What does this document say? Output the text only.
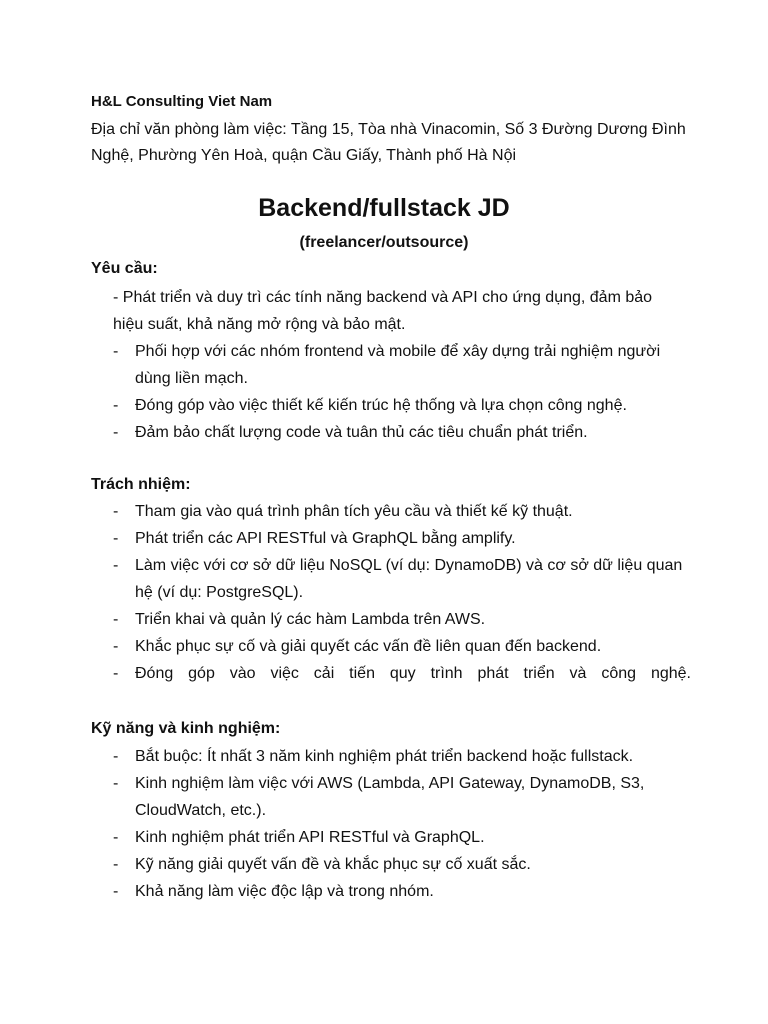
H&L Consulting Viet Nam
Địa chỉ văn phòng làm việc: Tầng 15, Tòa nhà Vinacomin, Số 3 Đường Dương Đình Nghệ, Phường Yên Hoà, quận Cầu Giấy, Thành phố Hà Nội
Backend/fullstack JD
(freelancer/outsource)
Yêu cầu:
- Phát triển và duy trì các tính năng backend và API cho ứng dụng, đảm bảo hiệu suất, khả năng mở rộng và bảo mật.
- Phối hợp với các nhóm frontend và mobile để xây dựng trải nghiệm người dùng liền mạch.
- Đóng góp vào việc thiết kế kiến trúc hệ thống và lựa chọn công nghệ.
- Đảm bảo chất lượng code và tuân thủ các tiêu chuẩn phát triển.
Trách nhiệm:
- Tham gia vào quá trình phân tích yêu cầu và thiết kế kỹ thuật.
- Phát triển các API RESTful và GraphQL bằng amplify.
- Làm việc với cơ sở dữ liệu NoSQL (ví dụ: DynamoDB) và cơ sở dữ liệu quan hệ (ví dụ: PostgreSQL).
- Triển khai và quản lý các hàm Lambda trên AWS.
- Khắc phục sự cố và giải quyết các vấn đề liên quan đến backend.
- Đóng góp vào việc cải tiến quy trình phát triển và công nghệ.
Kỹ năng và kinh nghiệm:
- Bắt buộc: Ít nhất 3 năm kinh nghiệm phát triển backend hoặc fullstack.
- Kinh nghiệm làm việc với AWS (Lambda, API Gateway, DynamoDB, S3, CloudWatch, etc.).
- Kinh nghiệm phát triển API RESTful và GraphQL.
- Kỹ năng giải quyết vấn đề và khắc phục sự cố xuất sắc.
- Khả năng làm việc độc lập và trong nhóm.
